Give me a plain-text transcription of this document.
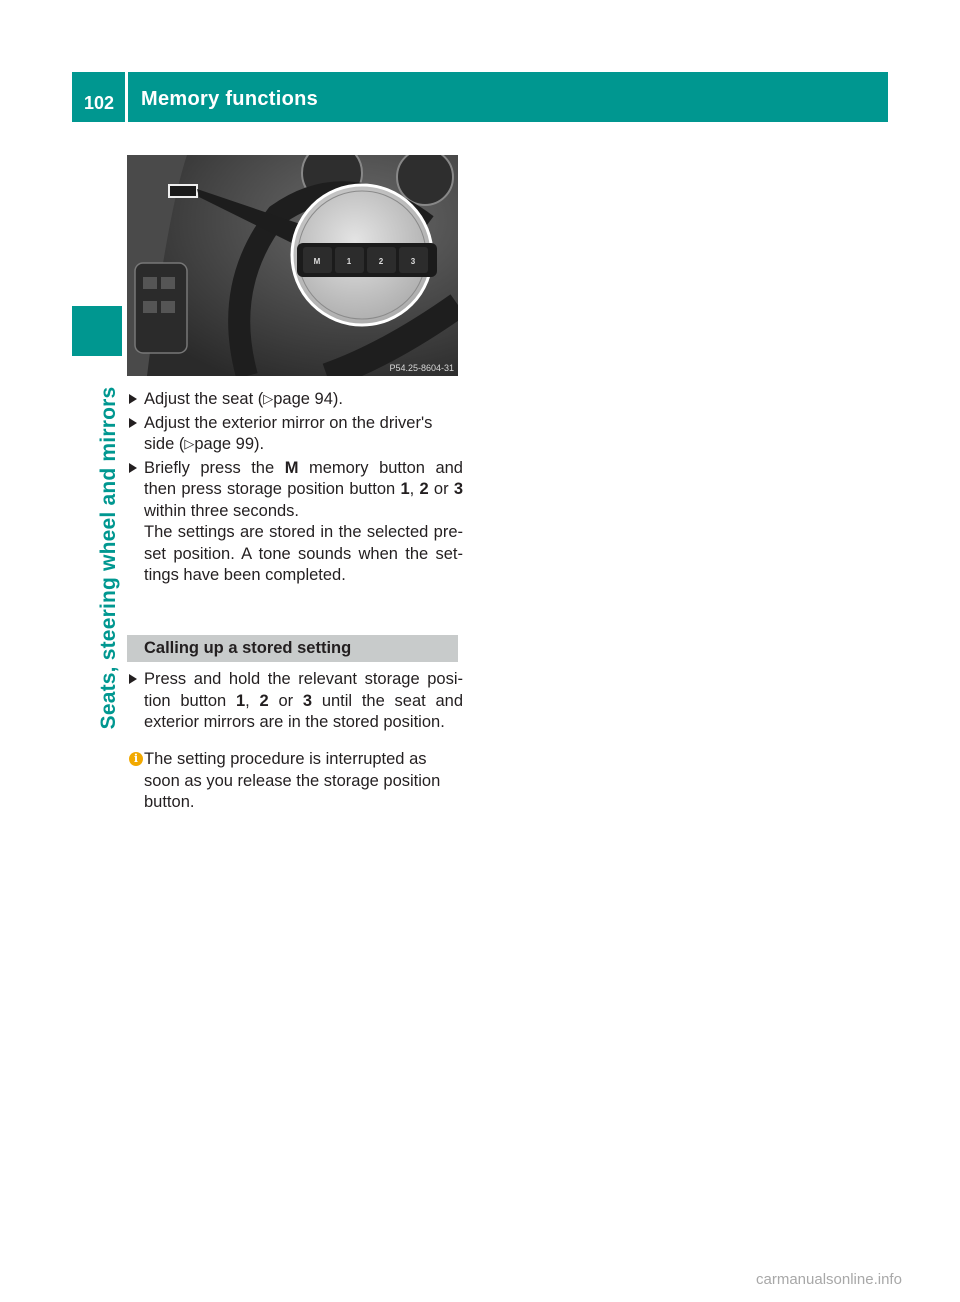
102	Memory functions
Seats, steering wheel and mirrors
M	1	2	3
P54.25-8604-31
Adjust the seat (▷page 94).
Adjust the exterior mirror on the driver's side (▷page 99).
Briefly press the M memory button and then press storage position button 1, 2 or 3 within three seconds.
The settings are stored in the selected pre-set position. A tone sounds when the set-tings have been completed.
Calling up a stored setting
Press and hold the relevant storage posi-tion button 1, 2 or 3 until the seat and exterior mirrors are in the stored position.
i The setting procedure is interrupted as soon as you release the storage position button.
carmanualsonline.info
